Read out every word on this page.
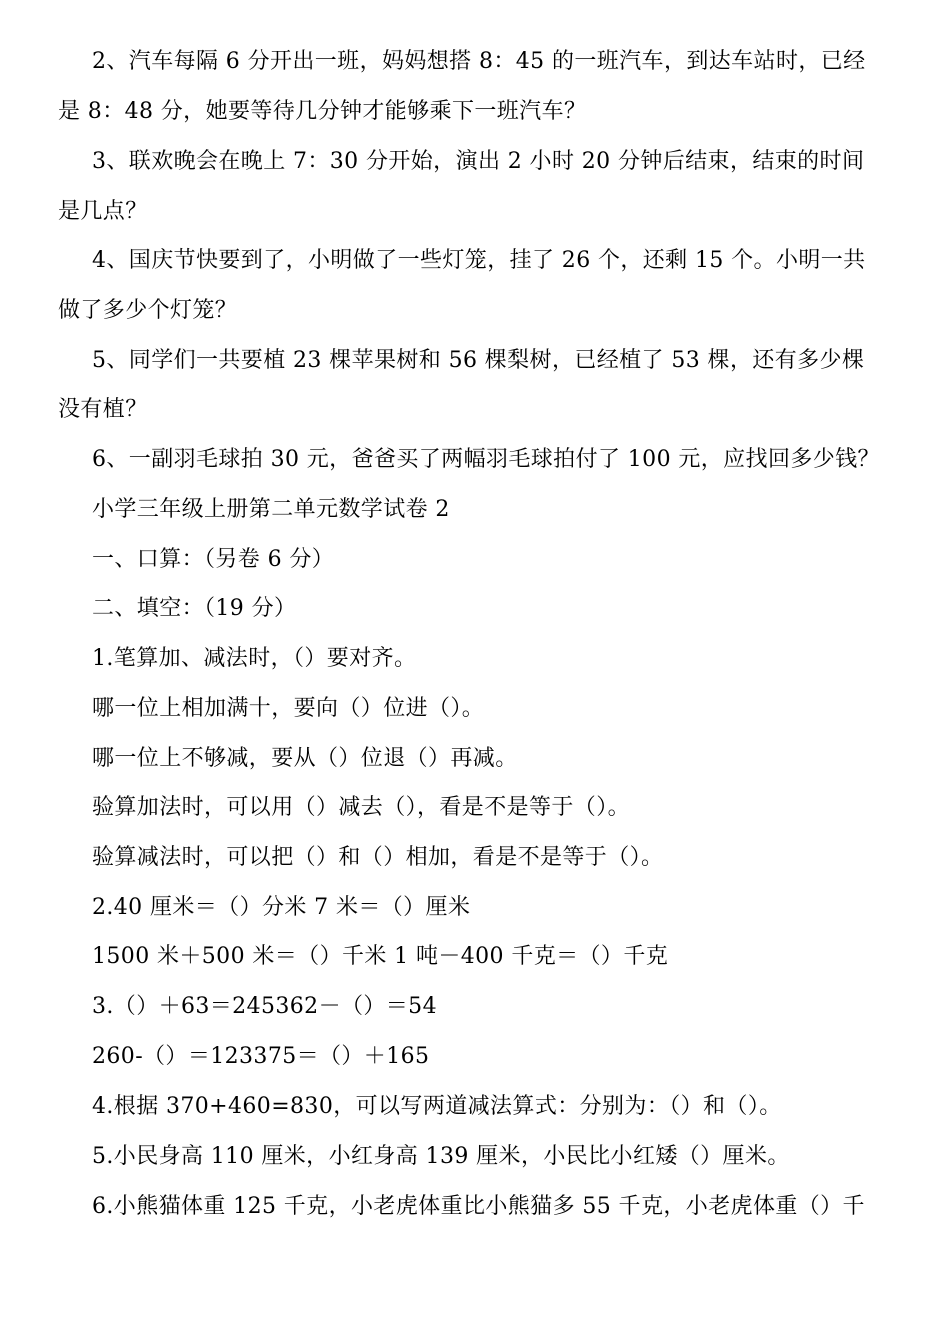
2、汽车每隔 6 分开出一班，妈妈想搭 8：45 的一班汽车，到达车站时，已经
是 8：48 分，她要等待几分钟才能够乘下一班汽车？
3、联欢晚会在晚上 7：30 分开始，演出 2 小时 20 分钟后结束，结束的时间
是几点？
4、国庆节快要到了，小明做了一些灯笼，挂了 26 个，还剩 15 个。小明一共
做了多少个灯笼？
5、同学们一共要植 23 棵苹果树和 56 棵梨树，已经植了 53 棵，还有多少棵
没有植？
6、一副羽毛球拍 30 元，爸爸买了两幅羽毛球拍付了 100 元，应找回多少钱？
小学三年级上册第二单元数学试卷 2
一、口算：（另卷 6 分）
二、填空：（19 分）
1.笔算加、减法时，（）要对齐。
哪一位上相加满十，要向（）位进（）。
哪一位上不够减，要从（）位退（）再减。
验算加法时，可以用（）减去（），看是不是等于（）。
验算减法时，可以把（）和（）相加，看是不是等于（）。
2.40 厘米＝（）分米 7 米＝（）厘米
1500 米＋500 米＝（）千米 1 吨－400 千克＝（）千克
3.（）＋63＝245362－（）＝54
260-（）＝123375＝（）＋165
4.根据 370+460=830，可以写两道减法算式：分别为：（）和（）。
5.小民身高 110 厘米，小红身高 139 厘米，小民比小红矮（）厘米。
6.小熊猫体重 125 千克，小老虎体重比小熊猫多 55 千克，小老虎体重（）千
